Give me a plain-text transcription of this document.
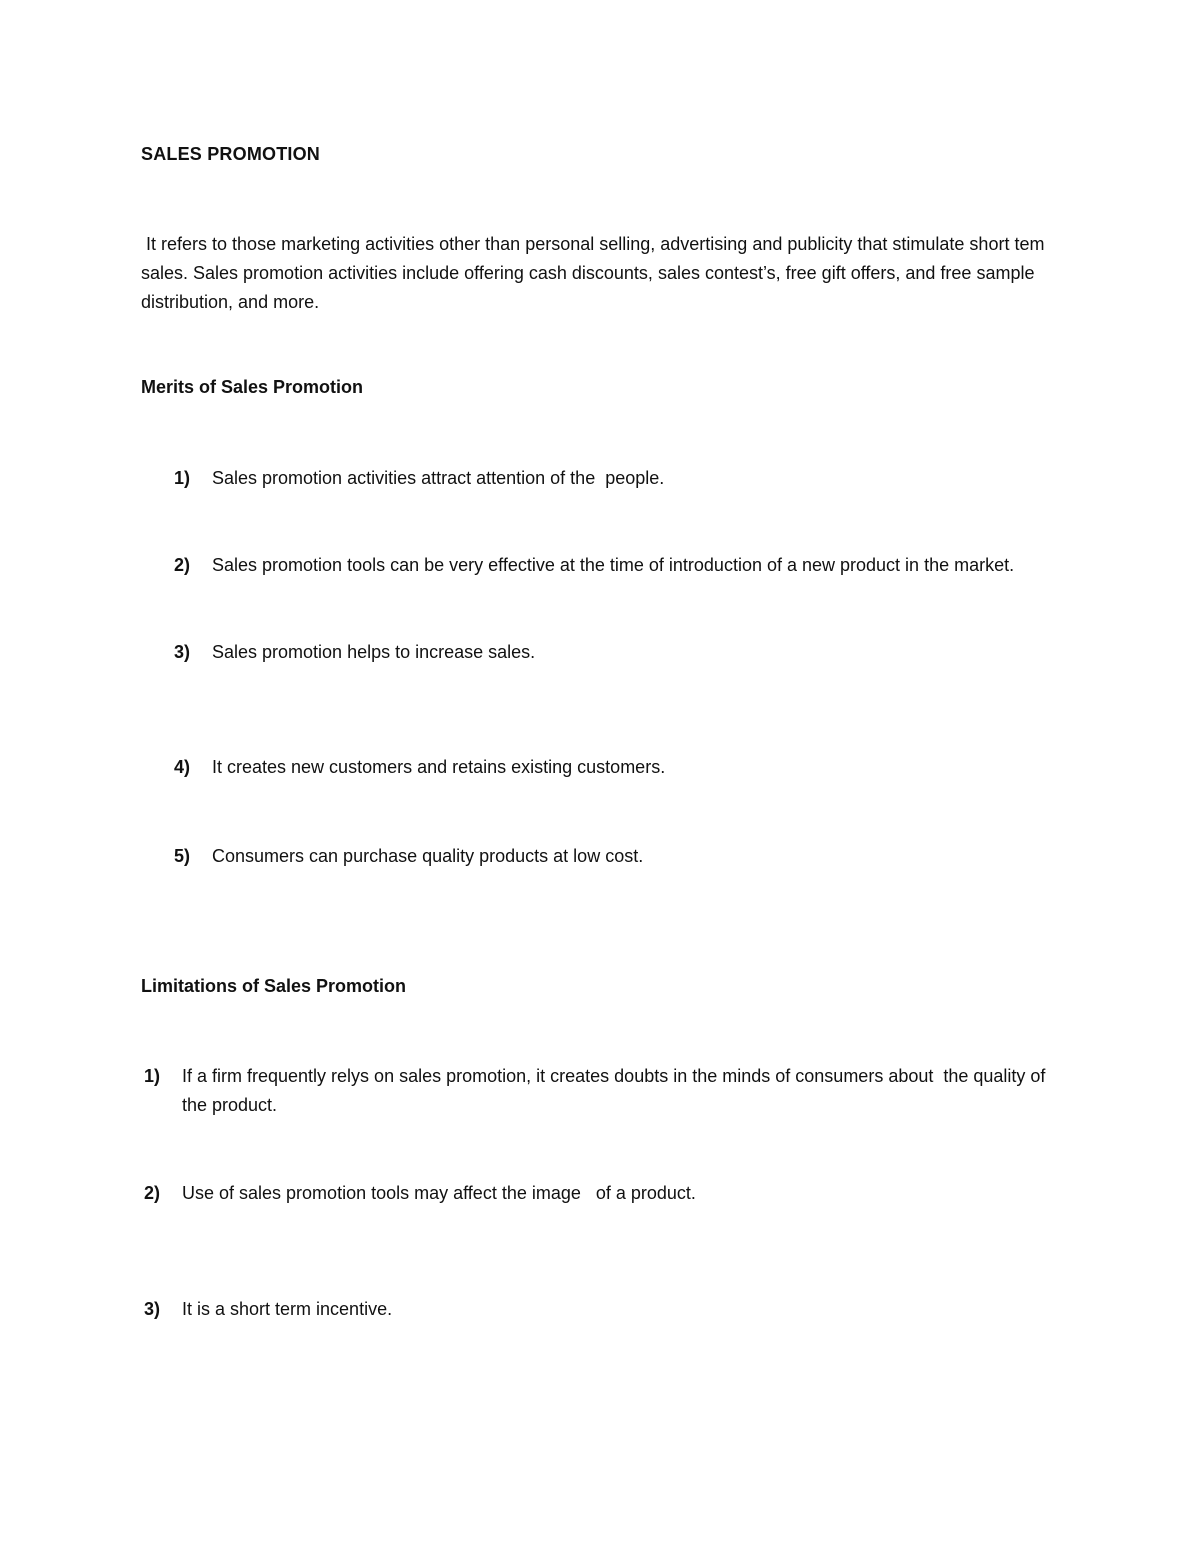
SALES PROMOTION
It refers to those marketing activities other than personal selling, advertising and publicity that stimulate short tem sales. Sales promotion activities include offering cash discounts, sales contest’s, free gift offers, and free sample distribution, and more.
Merits of Sales Promotion
1) Sales promotion activities attract attention of the  people.
2) Sales promotion tools can be very effective at the time of introduction of a new product in the market.
3) Sales promotion helps to increase sales.
4) It creates new customers and retains existing customers.
5) Consumers can purchase quality products at low cost.
Limitations of Sales Promotion
1) If a firm frequently relys on sales promotion, it creates doubts in the minds of consumers about  the quality of the product.
2) Use of sales promotion tools may affect the image   of a product.
3) It is a short term incentive.
